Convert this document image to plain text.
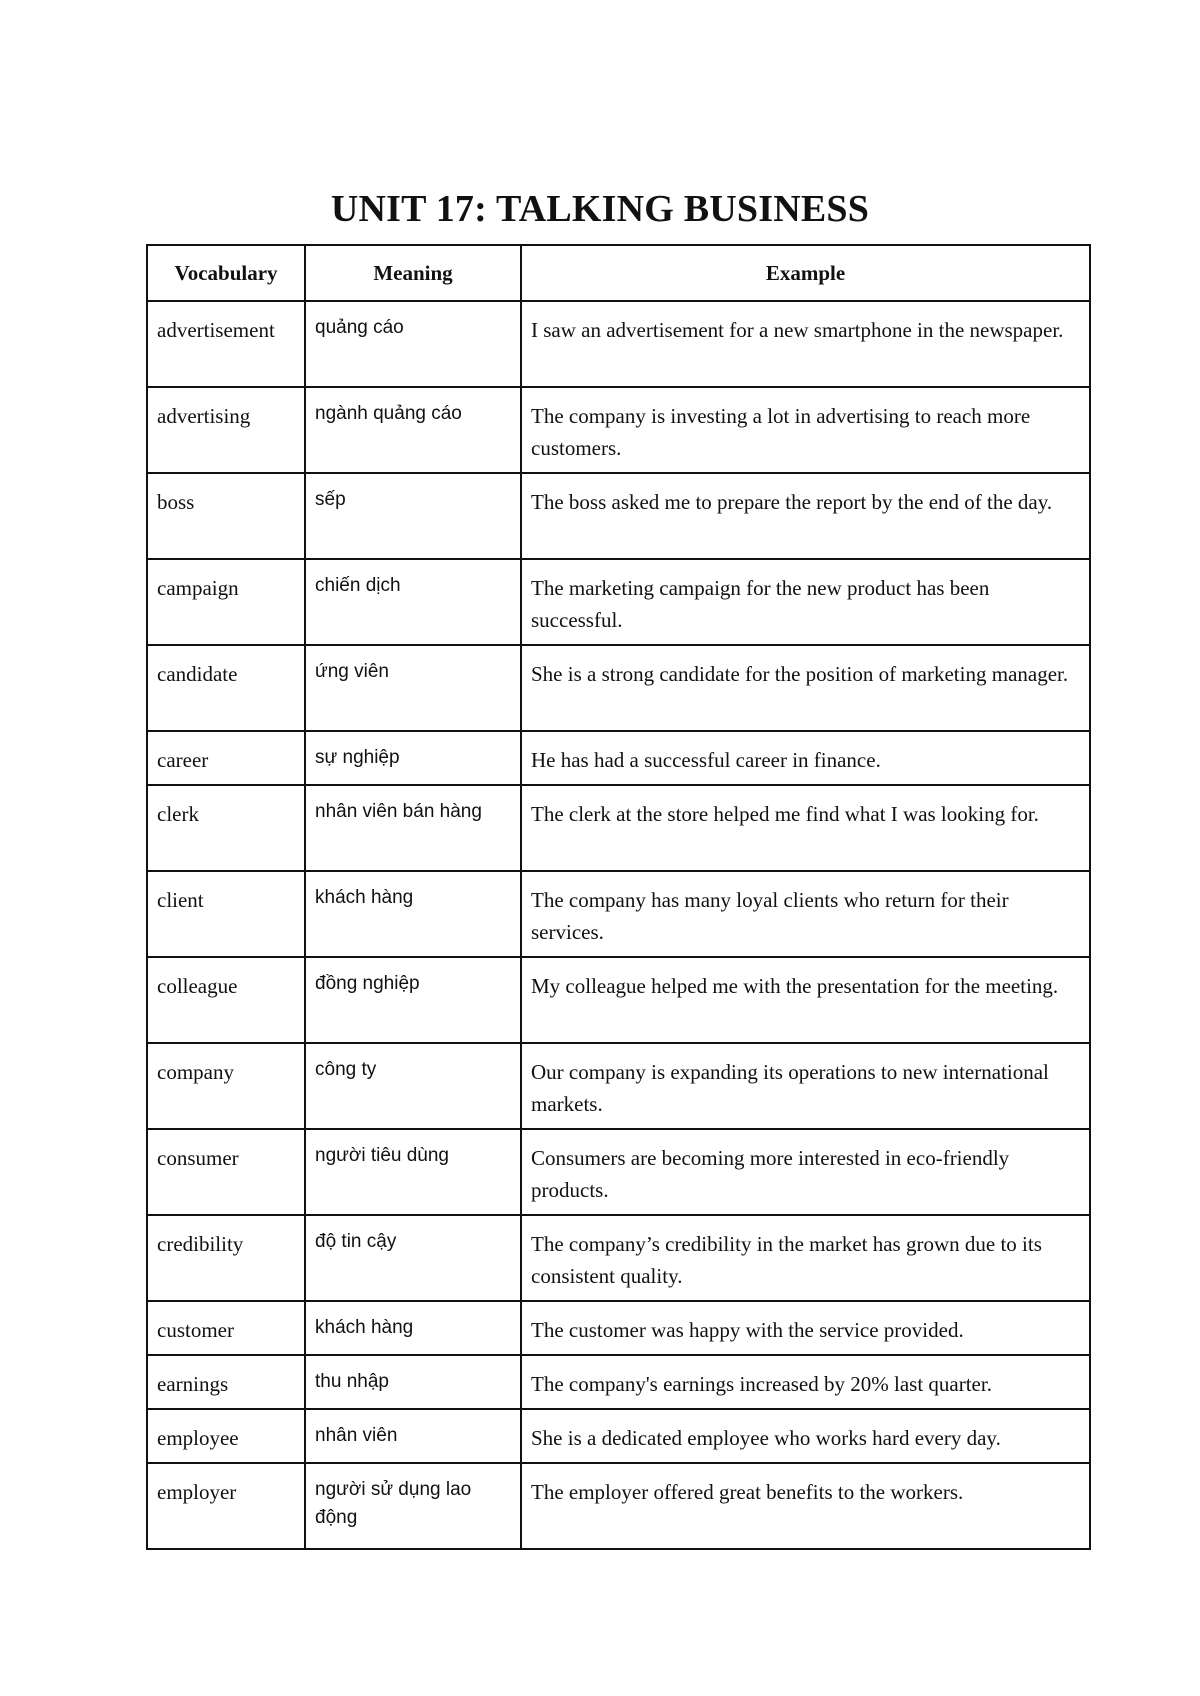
UNIT 17: TALKING BUSINESS
Vocabulary	Meaning	Example
advertisement	quảng cáo	I saw an advertisement for a new smartphone in the newspaper.
advertising	ngành quảng cáo	The company is investing a lot in advertising to reach more customers.
boss	sếp	The boss asked me to prepare the report by the end of the day.
campaign	chiến dịch	The marketing campaign for the new product has been successful.
candidate	ứng viên	She is a strong candidate for the position of marketing manager.
career	sự nghiệp	He has had a successful career in finance.
clerk	nhân viên bán hàng	The clerk at the store helped me find what I was looking for.
client	khách hàng	The company has many loyal clients who return for their services.
colleague	đồng nghiệp	My colleague helped me with the presentation for the meeting.
company	công ty	Our company is expanding its operations to new international markets.
consumer	người tiêu dùng	Consumers are becoming more interested in eco-friendly products.
credibility	độ tin cậy	The company’s credibility in the market has grown due to its consistent quality.
customer	khách hàng	The customer was happy with the service provided.
earnings	thu nhập	The company's earnings increased by 20% last quarter.
employee	nhân viên	She is a dedicated employee who works hard every day.
employer	người sử dụng lao động	The employer offered great benefits to the workers.
